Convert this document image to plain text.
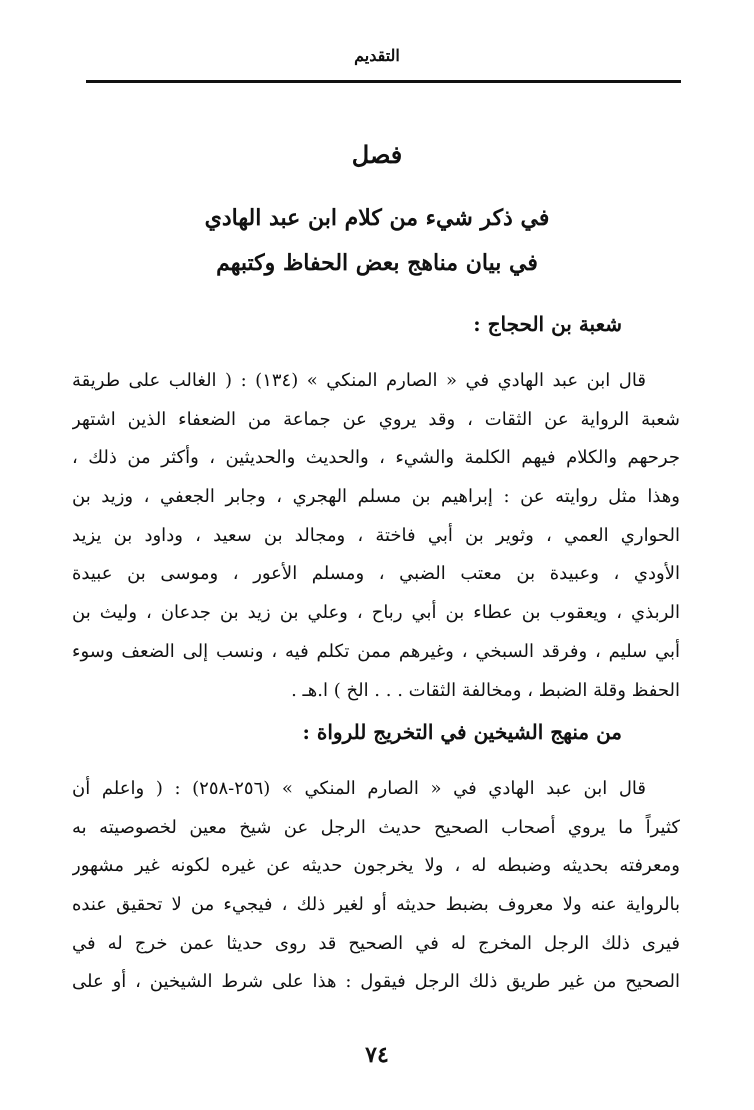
التقديم
فصل
في ذكر شيء من كلام ابن عبد الهادي
في بيان مناهج بعض الحفاظ وكتبهم
شعبة بن الحجاج :
قال ابن عبد الهادي في « الصارم المنكي » (١٣٤) : ( الغالب على طريقة
شعبة الرواية عن الثقات ، وقد يروي عن جماعة من الضعفاء الذين اشتهر
جرحهم والكلام فيهم الكلمة والشيء ، والحديث والحديثين ، وأكثر من ذلك ،
وهذا مثل روايته عن : إبراهيم بن مسلم الهجري ، وجابر الجعفي ، وزيد بن
الحواري العمي ، وثوير بن أبي فاختة ، ومجالد بن سعيد ، وداود بن يزيد
الأودي ، وعبيدة بن معتب الضبي ، ومسلم الأعور ، وموسى بن عبيدة
الربذي ، ويعقوب بن عطاء بن أبي رباح ، وعلي بن زيد بن جدعان ، وليث بن
أبي سليم ، وفرقد السبخي ، وغيرهم ممن تكلم فيه ، ونسب إلى الضعف وسوء
الحفظ وقلة الضبط ، ومخالفة الثقات . . . الخ ) ا.هـ .
من منهج الشيخين في التخريج للرواة :
قال ابن عبد الهادي في « الصارم المنكي » (٢٥٦-٢٥٨) : ( واعلم أن
كثيراً ما يروي أصحاب الصحيح حديث الرجل عن شيخ معين لخصوصيته به
ومعرفته بحديثه وضبطه له ، ولا يخرجون حديثه عن غيره لكونه غير مشهور
بالرواية عنه ولا معروف بضبط حديثه أو لغير ذلك ، فيجيء من لا تحقيق عنده
فيرى ذلك الرجل المخرج له في الصحيح قد روى حديثا عمن خرج له في
الصحيح من غير طريق ذلك الرجل فيقول : هذا على شرط الشيخين ، أو على
٧٤
